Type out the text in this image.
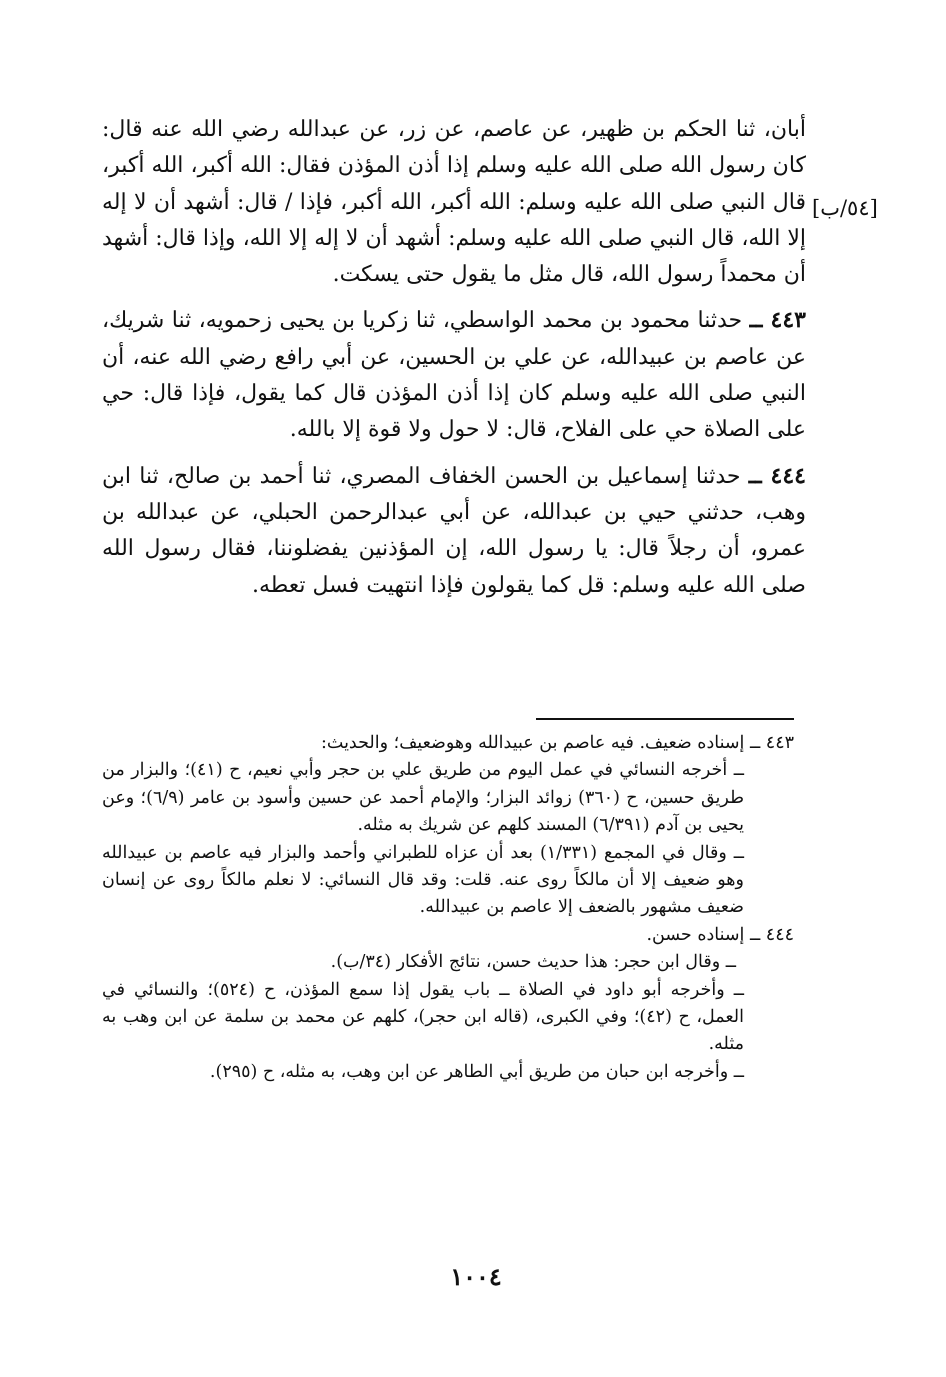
[٥٤/ب]

أبان، ثنا الحكم بن ظهير، عن عاصم، عن زر، عن عبدالله رضي الله عنه قال: كان رسول الله صلى الله عليه وسلم إذا أذن المؤذن فقال: الله أكبر، الله أكبر، قال النبي صلى الله عليه وسلم: الله أكبر، الله أكبر، فإذا / قال: أشهد أن لا إله إلا الله، قال النبي صلى الله عليه وسلم: أشهد أن لا إله إلا الله، وإذا قال: أشهد أن محمداً رسول الله، قال مثل ما يقول حتى يسكت.

٤٤٣ ــ حدثنا محمود بن محمد الواسطي، ثنا زكريا بن يحيى زحمويه، ثنا شريك، عن عاصم بن عبيدالله، عن علي بن الحسين، عن أبي رافع رضي الله عنه، أن النبي صلى الله عليه وسلم كان إذا أذن المؤذن قال كما يقول، فإذا قال: حي على الصلاة حي على الفلاح، قال: لا حول ولا قوة إلا بالله.

٤٤٤ ــ حدثنا إسماعيل بن الحسن الخفاف المصري، ثنا أحمد بن صالح، ثنا ابن وهب، حدثني حيي بن عبدالله، عن أبي عبدالرحمن الحبلي، عن عبدالله بن عمرو، أن رجلاً قال: يا رسول الله، إن المؤذنين يفضلوننا، فقال رسول الله صلى الله عليه وسلم: قل كما يقولون فإذا انتهيت فسل تعطه.

٤٤٣ ــ إسناده ضعيف. فيه عاصم بن عبيدالله وهوضعيف؛ والحديث:

ــ أخرجه النسائي في عمل اليوم من طريق علي بن حجر وأبي نعيم، ح (٤١)؛ والبزار من طريق حسين، ح (٣٦٠) زوائد البزار؛ والإمام أحمد عن حسين وأسود بن عامر (٦/٩)؛ وعن يحيى بن آدم (٦/٣٩١) المسند كلهم عن شريك به مثله.

ــ وقال في المجمع (١/٣٣١) بعد أن عزاه للطبراني وأحمد والبزار فيه عاصم بن عبيدالله وهو ضعيف إلا أن مالكاً روى عنه. قلت: وقد قال النسائي: لا نعلم مالكاً روى عن إنسان ضعيف مشهور بالضعف إلا عاصم بن عبيدالله.

٤٤٤ ــ إسناده حسن.

ــ وقال ابن حجر: هذا حديث حسن، نتائج الأفكار (٣٤/ب).

ــ وأخرجه أبو داود في الصلاة ــ باب يقول إذا سمع المؤذن، ح (٥٢٤)؛ والنسائي في العمل، ح (٤٢)؛ وفي الكبرى، (قاله ابن حجر)، كلهم عن محمد بن سلمة عن ابن وهب به مثله.

ــ وأخرجه ابن حبان من طريق أبي الطاهر عن ابن وهب، به مثله، ح (٢٩٥).

١٠٠٤
